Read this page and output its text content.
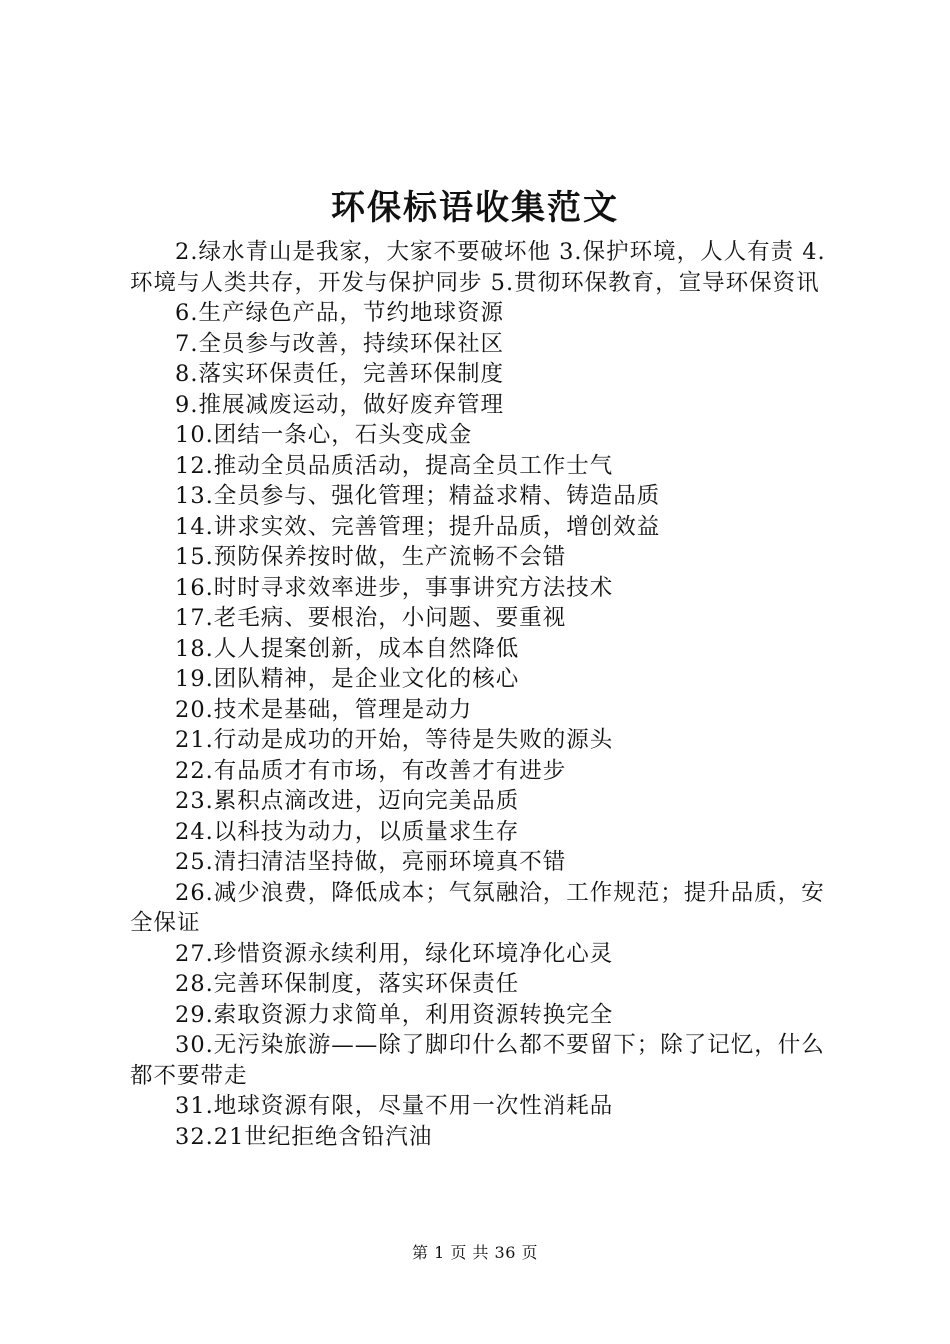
环保标语收集范文

2.绿水青山是我家，大家不要破坏他 3.保护环境，人人有责 4.环境与人类共存，开发与保护同步 5.贯彻环保教育，宣导环保资讯

6.生产绿色产品，节约地球资源

7.全员参与改善，持续环保社区

8.落实环保责任，完善环保制度

9.推展减废运动，做好废弃管理

10.团结一条心，石头变成金

12.推动全员品质活动，提高全员工作士气

13.全员参与、强化管理；精益求精、铸造品质

14.讲求实效、完善管理；提升品质，增创效益

15.预防保养按时做，生产流畅不会错

16.时时寻求效率进步，事事讲究方法技术

17.老毛病、要根治，小问题、要重视

18.人人提案创新，成本自然降低

19.团队精神，是企业文化的核心

20.技术是基础，管理是动力

21.行动是成功的开始，等待是失败的源头

22.有品质才有市场，有改善才有进步

23.累积点滴改进，迈向完美品质

24.以科技为动力，以质量求生存

25.清扫清洁坚持做，亮丽环境真不错

26.减少浪费，降低成本；气氛融洽，工作规范；提升品质，安全保证

27.珍惜资源永续利用，绿化环境净化心灵

28.完善环保制度，落实环保责任

29.索取资源力求简单，利用资源转换完全

30.无污染旅游——除了脚印什么都不要留下；除了记忆，什么都不要带走

31.地球资源有限，尽量不用一次性消耗品

32.21世纪拒绝含铅汽油

第 1 页 共 36 页
